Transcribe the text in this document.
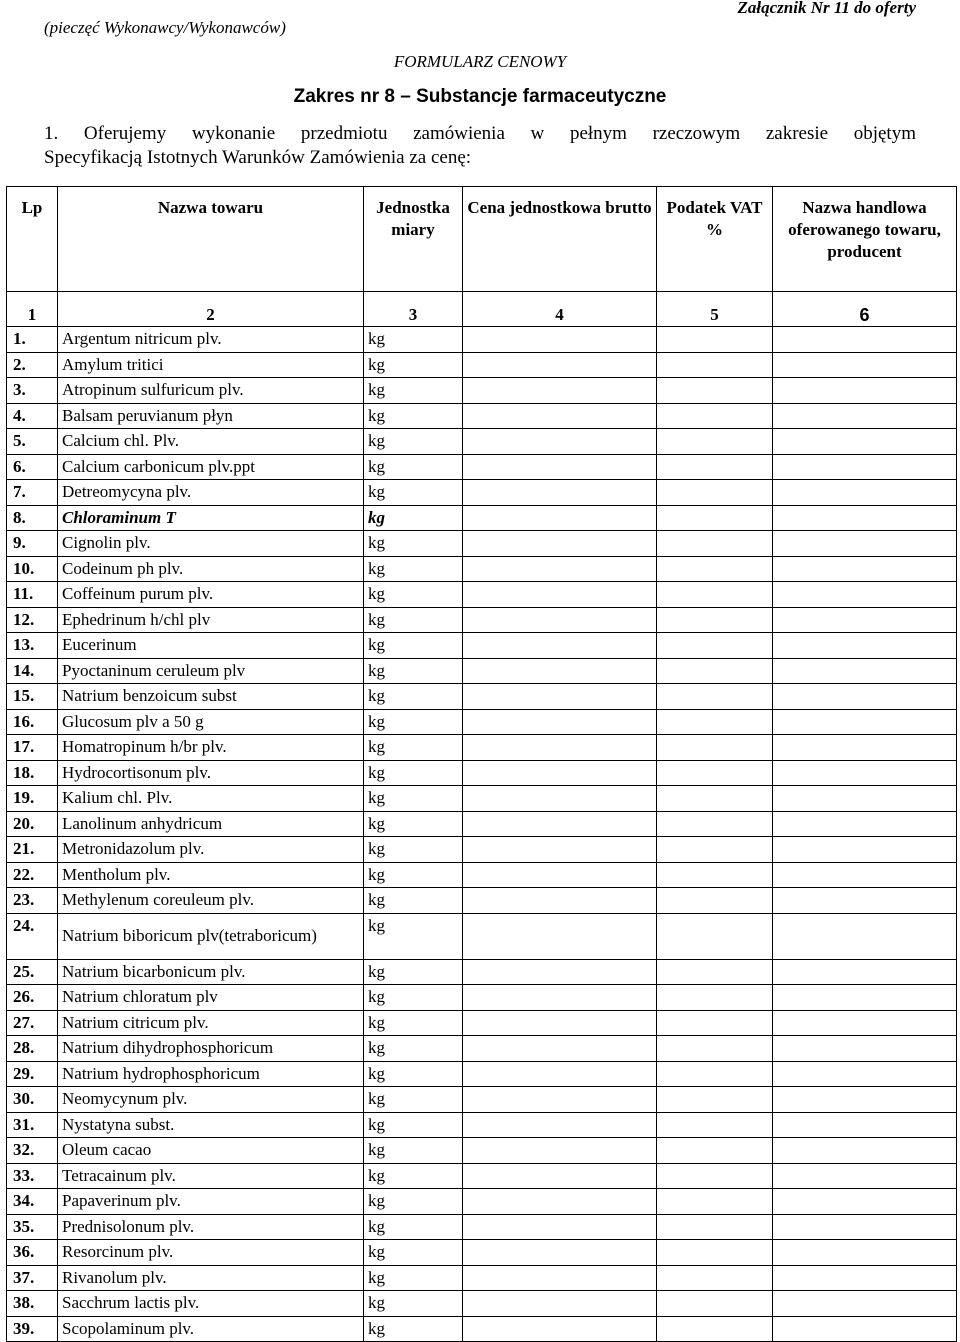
(pieczęć Wykonawcy/Wykonawców)
Załącznik Nr 11 do oferty
FORMULARZ CENOWY
Zakres nr 8 – Substancje farmaceutyczne
1. Oferujemy wykonanie przedmiotu zamówienia w pełnym rzeczowym zakresie objętym
Specyfikacją Istotnych Warunków Zamówienia za cenę:
Lp	Nazwa towaru	Jednostka miary	Cena jednostkowa brutto	Podatek VAT %	Nazwa handlowa oferowanego towaru, producent

1	2	3	4	5	6
1.	Argentum nitricum plv.	kg			
2.	Amylum tritici	kg			
3.	Atropinum sulfuricum plv.	kg			
4.	Balsam peruvianum płyn	kg			
5.	Calcium chl. Plv.	kg			
6.	Calcium carbonicum plv.ppt	kg			
7.	Detreomycyna plv.	kg			
8.	Chloraminum T	kg			
9.	Cignolin plv.	kg			
10.	Codeinum ph plv.	kg			
11.	Coffeinum purum plv.	kg			
12.	Ephedrinum h/chl plv	kg			
13.	Eucerinum	kg			
14.	Pyoctaninum ceruleum plv	kg			
15.	Natrium benzoicum subst	kg			
16.	Glucosum plv a 50 g	kg			
17.	Homatropinum h/br plv.	kg			
18.	Hydrocortisonum plv.	kg			
19.	Kalium chl. Plv.	kg			
20.	Lanolinum anhydricum	kg			
21.	Metronidazolum plv.	kg			
22.	Mentholum plv.	kg			
23.	Methylenum coreuleum plv.	kg			
24.	Natrium biboricum plv(tetraboricum)	kg			
25.	Natrium bicarbonicum plv.	kg			
26.	Natrium chloratum plv	kg			
27.	Natrium citricum plv.	kg			
28.	Natrium dihydrophosphoricum	kg			
29.	Natrium hydrophosphoricum	kg			
30.	Neomycynum plv.	kg			
31.	Nystatyna subst.	kg			
32.	Oleum cacao	kg			
33.	Tetracainum plv.	kg			
34.	Papaverinum plv.	kg			
35.	Prednisolonum plv.	kg			
36.	Resorcinum plv.	kg			
37.	Rivanolum plv.	kg			
38.	Sacchrum lactis plv.	kg			
39.	Scopolaminum plv.	kg			
